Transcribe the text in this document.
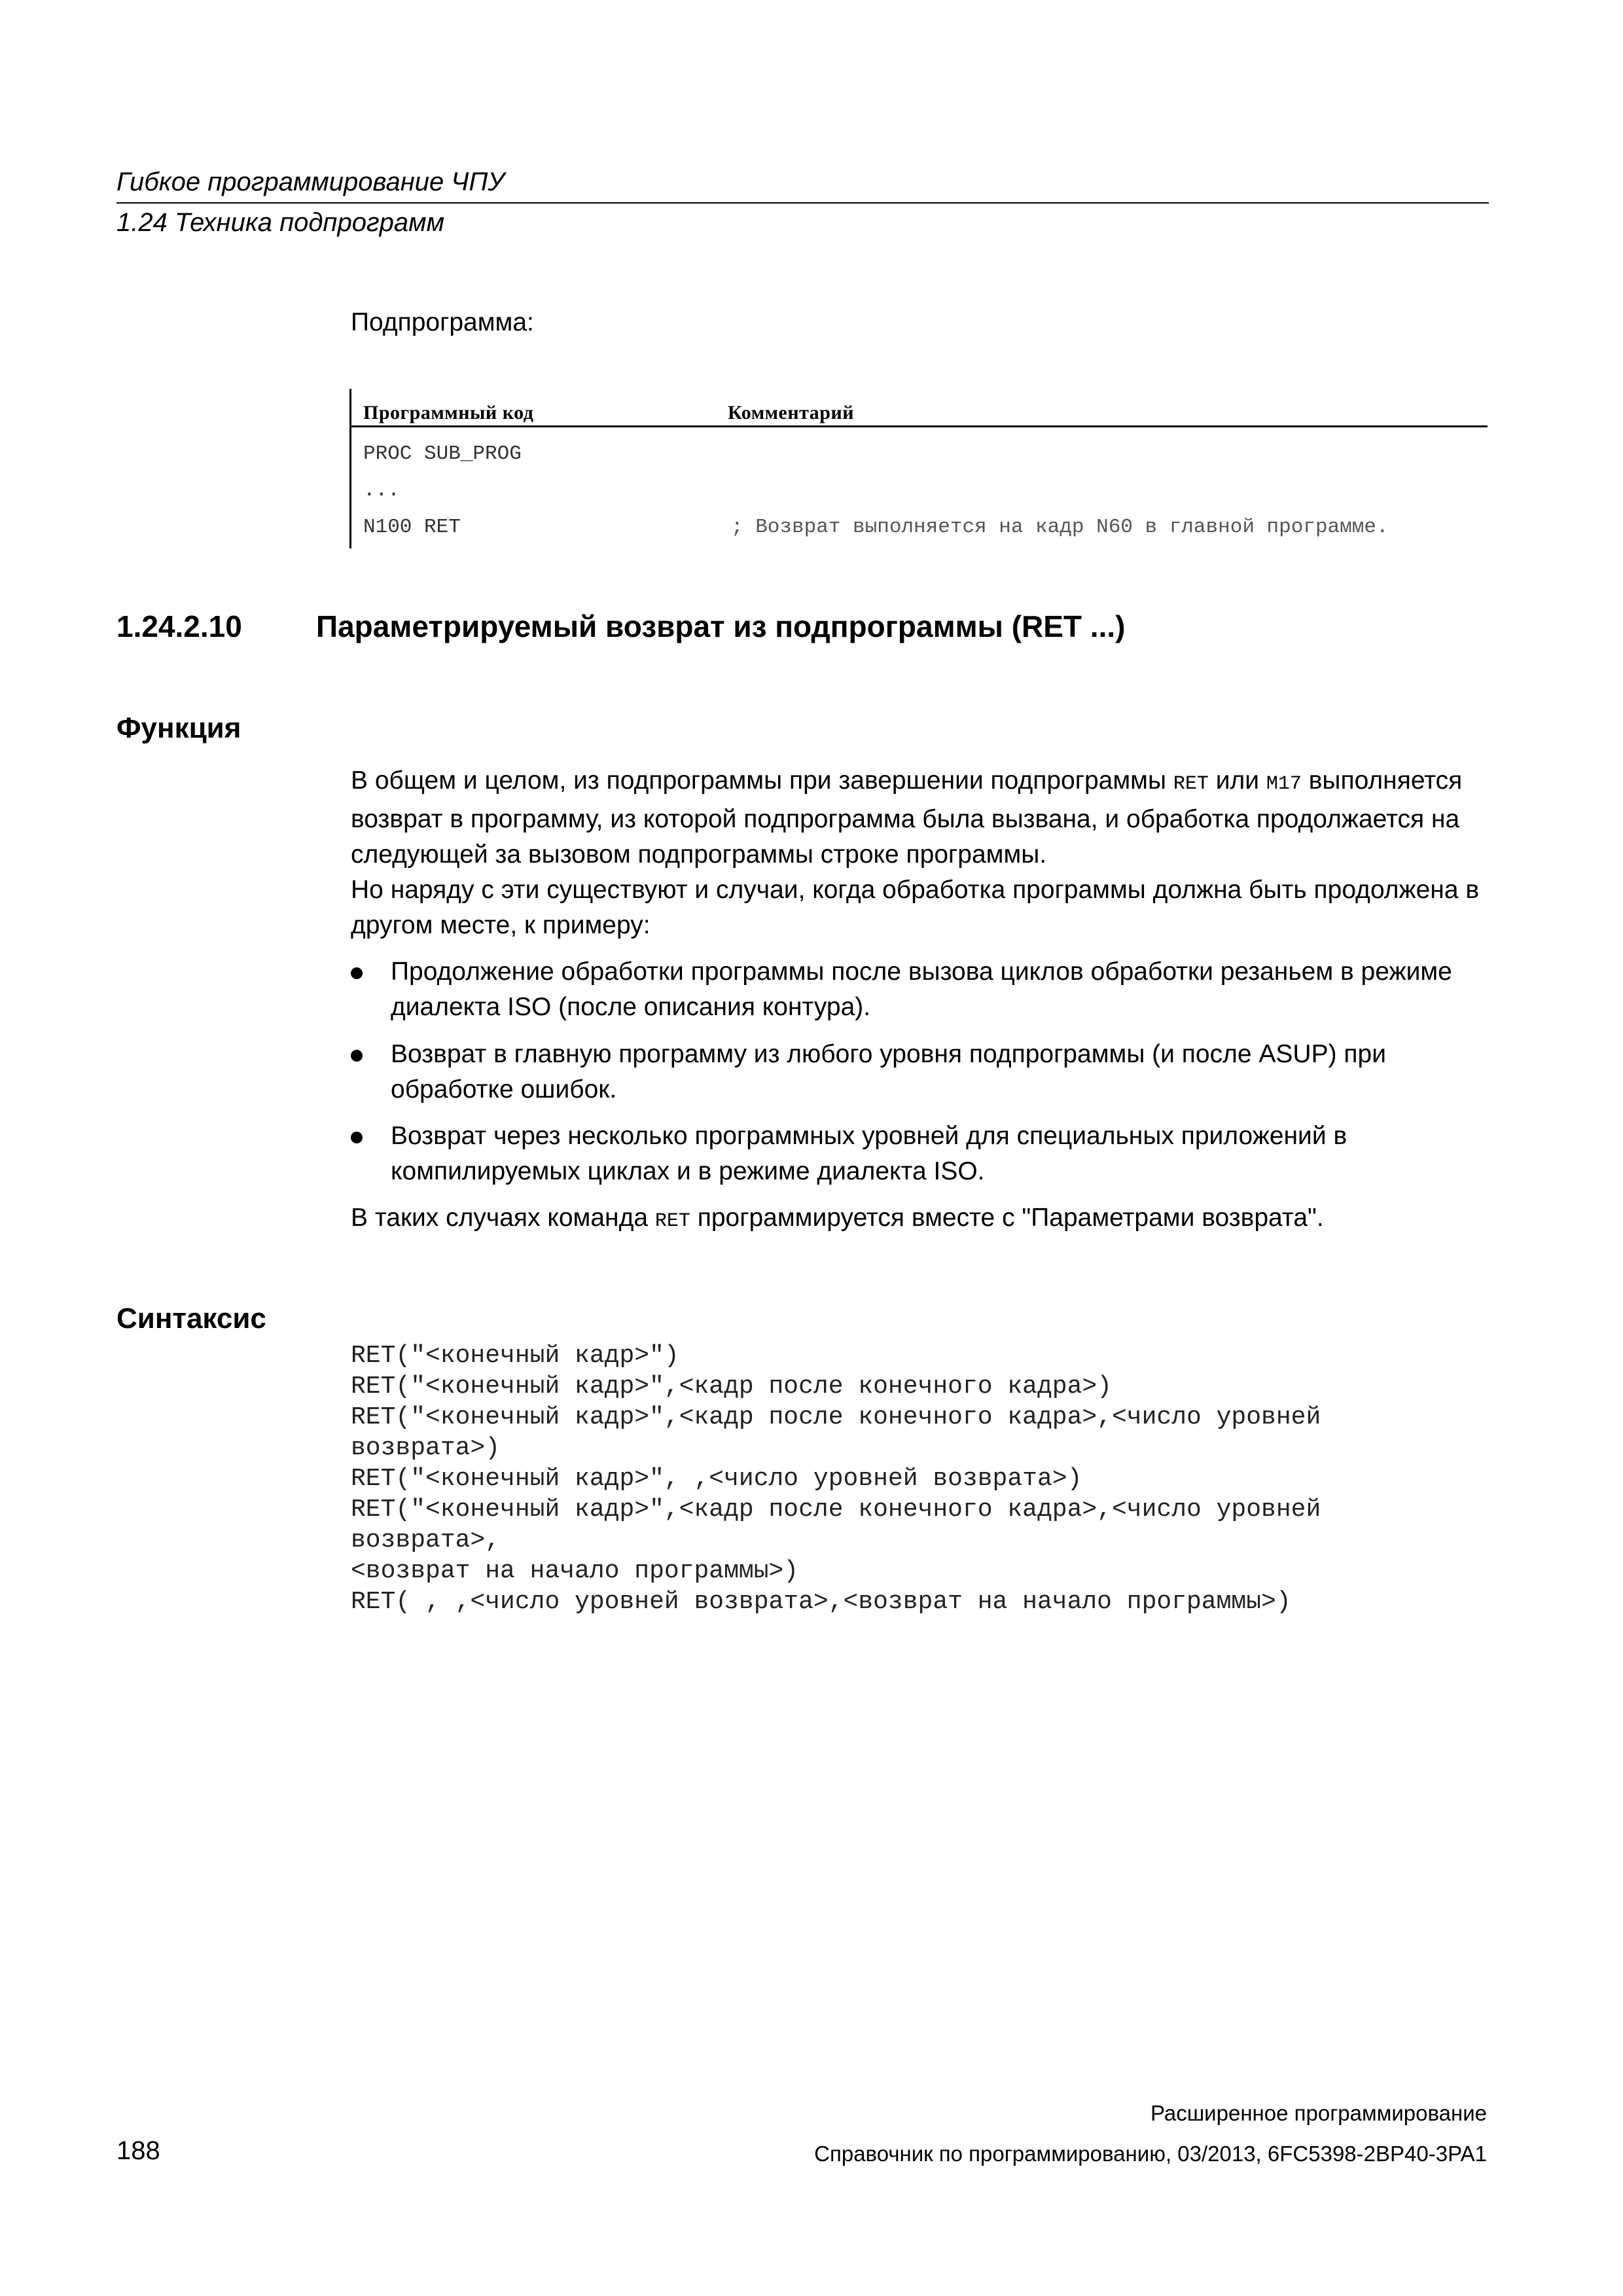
Гибкое программирование ЧПУ
1.24 Техника подпрограмм
Подпрограмма:
Программный код	Комментарий
PROC SUB_PROG
...
N100 RET	; Возврат выполняется на кадр N60 в главной программе.
1.24.2.10 Параметрируемый возврат из подпрограммы (RET ...)
Функция
В общем и целом, из подпрограммы при завершении подпрограммы RET или M17 выполняется возврат в программу, из которой подпрограмма была вызвана, и обработка продолжается на следующей за вызовом подпрограммы строке программы.
Но наряду с эти существуют и случаи, когда обработка программы должна быть продолжена в другом месте, к примеру:
Продолжение обработки программы после вызова циклов обработки резаньем в режиме диалекта ISO (после описания контура).
Возврат в главную программу из любого уровня подпрограммы (и после ASUP) при обработке ошибок.
Возврат через несколько программных уровней для специальных приложений в компилируемых циклах и в режиме диалекта ISO.
В таких случаях команда RET программируется вместе с "Параметрами возврата".
Синтаксис
RET("<конечный кадр>")
RET("<конечный кадр>",<кадр после конечного кадра>)
RET("<конечный кадр>",<кадр после конечного кадра>,<число уровней
возврата>)
RET("<конечный кадр>", ,<число уровней возврата>)
RET("<конечный кадр>",<кадр после конечного кадра>,<число уровней
возврата>,
<возврат на начало программы>)
RET( , ,<число уровней возврата>,<возврат на начало программы>)
Расширенное программирование
188	Справочник по программированию, 03/2013, 6FC5398-2BP40-3PA1
